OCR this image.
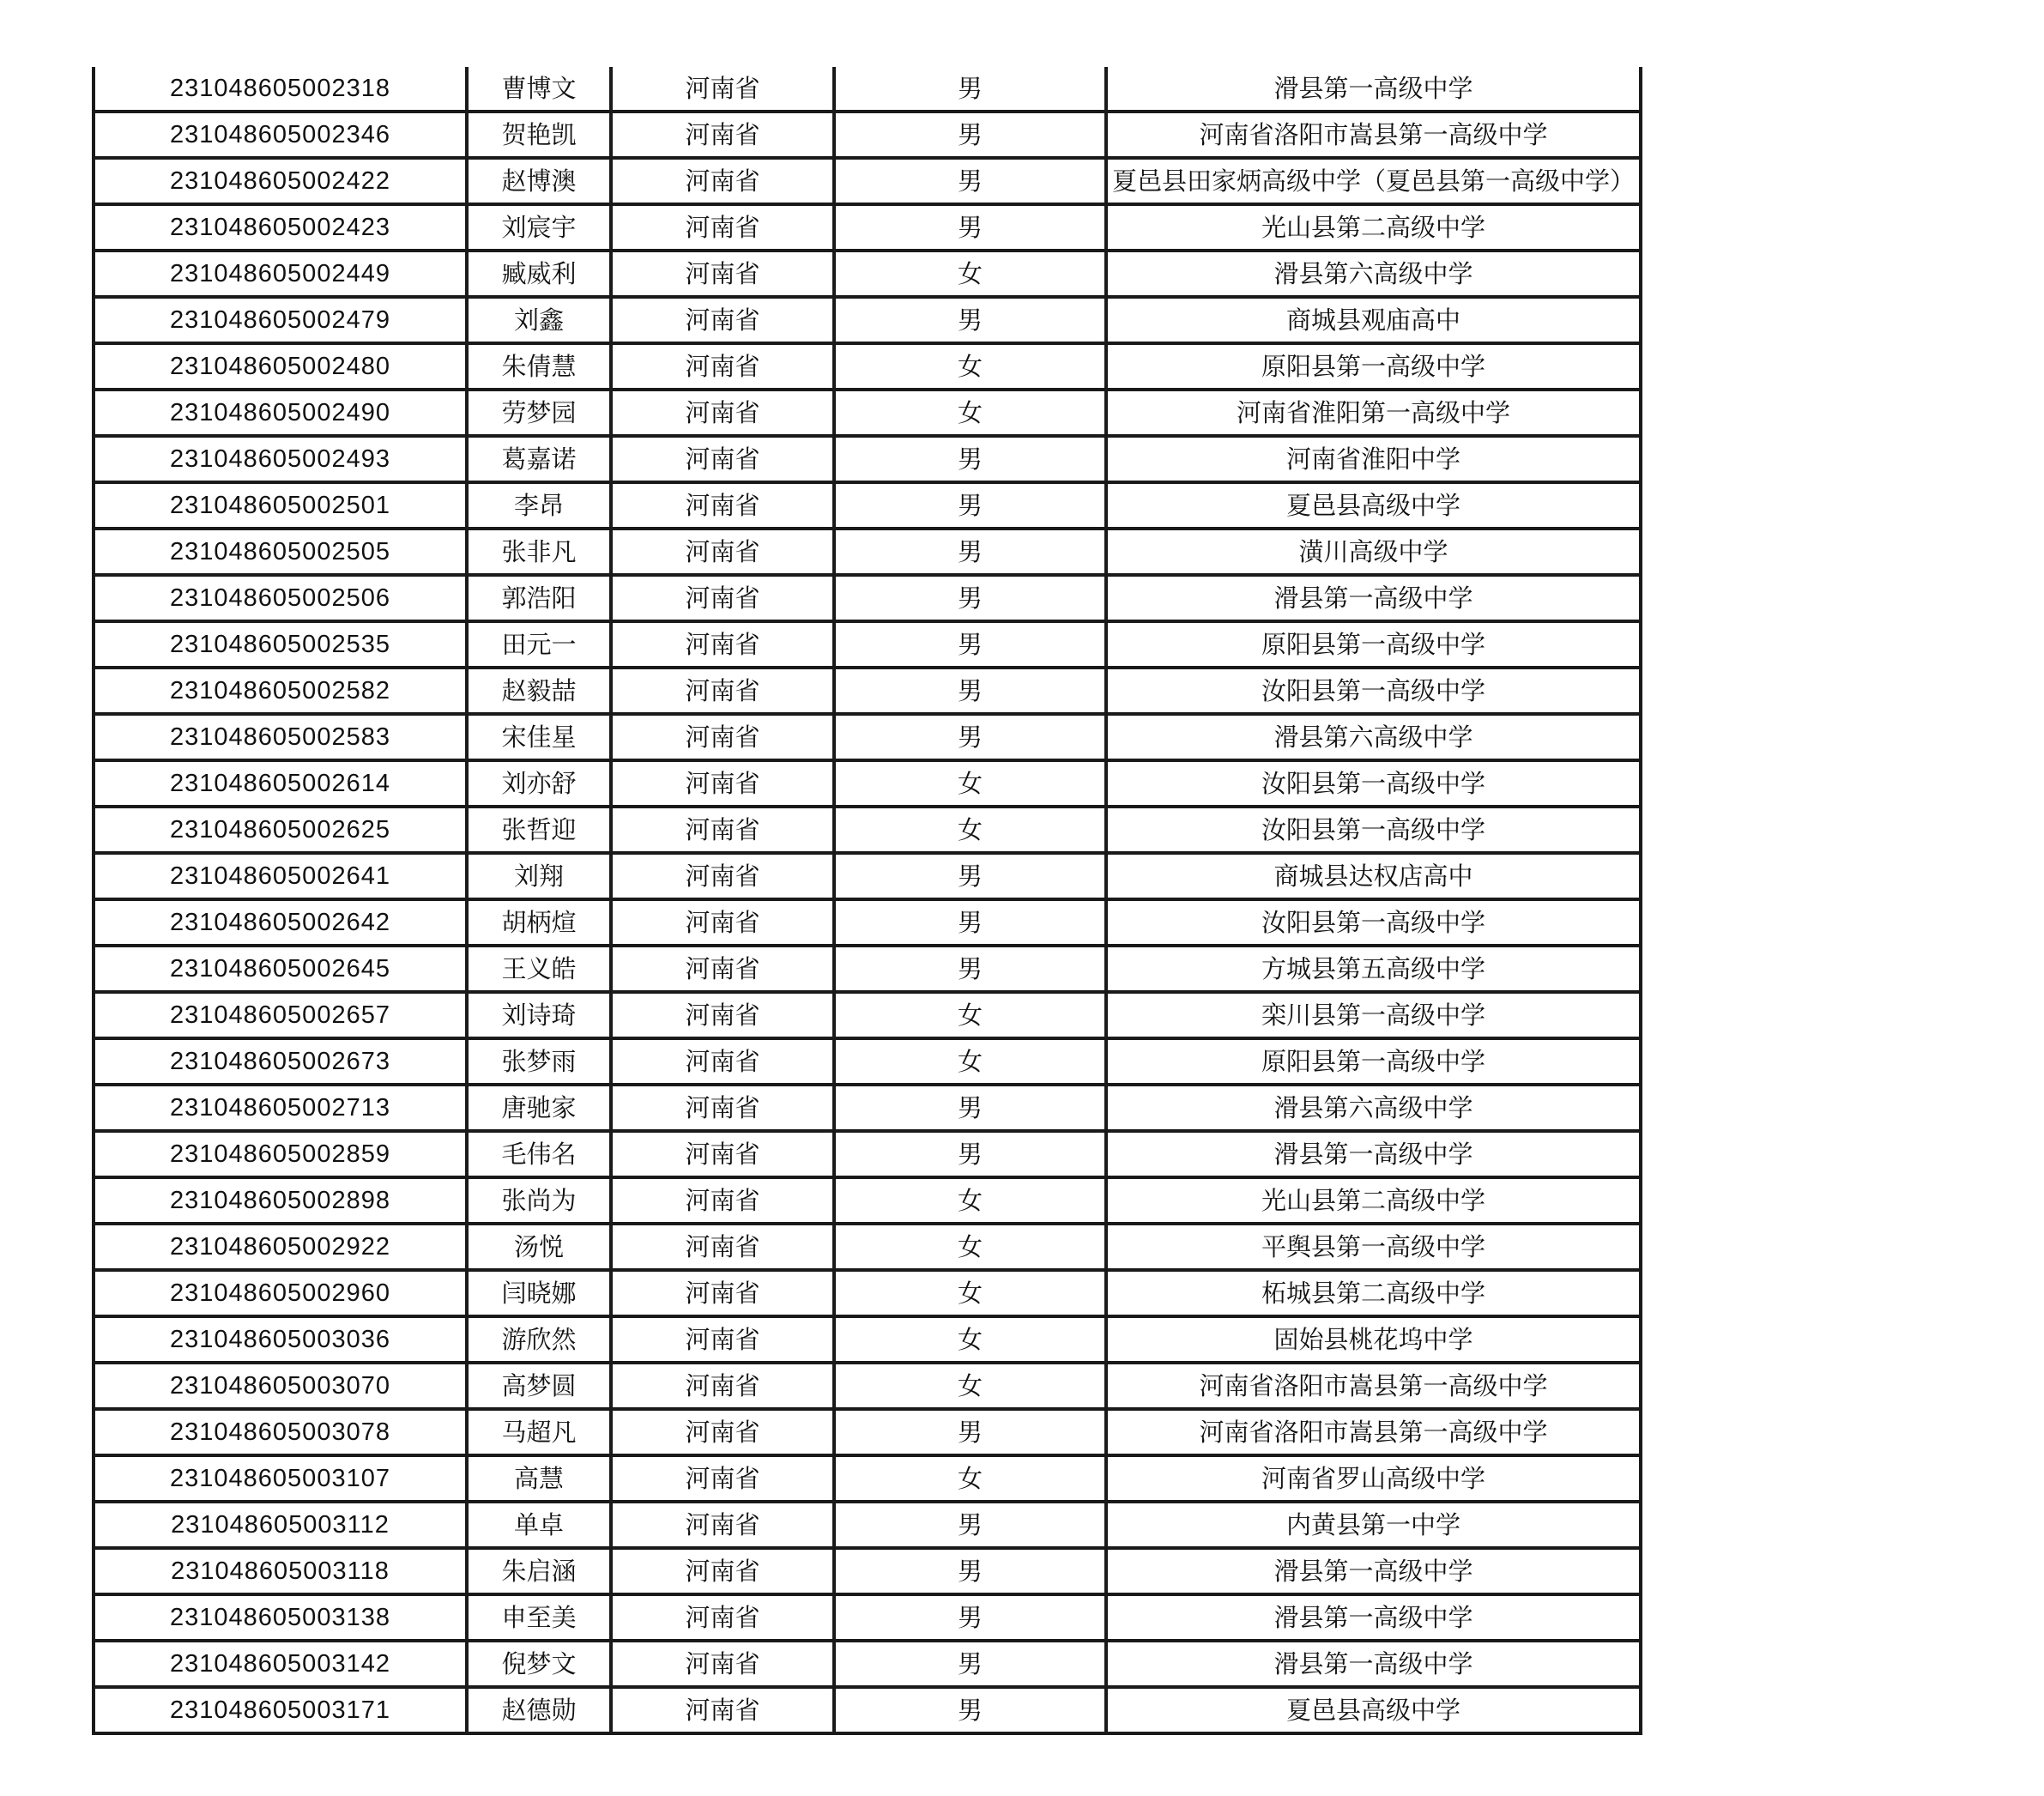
231048605002318	曹博文	河南省	男	滑县第一高级中学
231048605002346	贺艳凯	河南省	男	河南省洛阳市嵩县第一高级中学
231048605002422	赵博澳	河南省	男	夏邑县田家炳高级中学（夏邑县第一高级中学）
231048605002423	刘宸宇	河南省	男	光山县第二高级中学
231048605002449	臧威利	河南省	女	滑县第六高级中学
231048605002479	刘鑫	河南省	男	商城县观庙高中
231048605002480	朱倩慧	河南省	女	原阳县第一高级中学
231048605002490	劳梦园	河南省	女	河南省淮阳第一高级中学
231048605002493	葛嘉诺	河南省	男	河南省淮阳中学
231048605002501	李昂	河南省	男	夏邑县高级中学
231048605002505	张非凡	河南省	男	潢川高级中学
231048605002506	郭浩阳	河南省	男	滑县第一高级中学
231048605002535	田元一	河南省	男	原阳县第一高级中学
231048605002582	赵毅喆	河南省	男	汝阳县第一高级中学
231048605002583	宋佳星	河南省	男	滑县第六高级中学
231048605002614	刘亦舒	河南省	女	汝阳县第一高级中学
231048605002625	张哲迎	河南省	女	汝阳县第一高级中学
231048605002641	刘翔	河南省	男	商城县达权店高中
231048605002642	胡柄煊	河南省	男	汝阳县第一高级中学
231048605002645	王义皓	河南省	男	方城县第五高级中学
231048605002657	刘诗琦	河南省	女	栾川县第一高级中学
231048605002673	张梦雨	河南省	女	原阳县第一高级中学
231048605002713	唐驰家	河南省	男	滑县第六高级中学
231048605002859	毛伟名	河南省	男	滑县第一高级中学
231048605002898	张尚为	河南省	女	光山县第二高级中学
231048605002922	汤悦	河南省	女	平舆县第一高级中学
231048605002960	闫晓娜	河南省	女	柘城县第二高级中学
231048605003036	游欣然	河南省	女	固始县桃花坞中学
231048605003070	高梦圆	河南省	女	河南省洛阳市嵩县第一高级中学
231048605003078	马超凡	河南省	男	河南省洛阳市嵩县第一高级中学
231048605003107	高慧	河南省	女	河南省罗山高级中学
231048605003112	单卓	河南省	男	内黄县第一中学
231048605003118	朱启涵	河南省	男	滑县第一高级中学
231048605003138	申至美	河南省	男	滑县第一高级中学
231048605003142	倪梦文	河南省	男	滑县第一高级中学
231048605003171	赵德勋	河南省	男	夏邑县高级中学
